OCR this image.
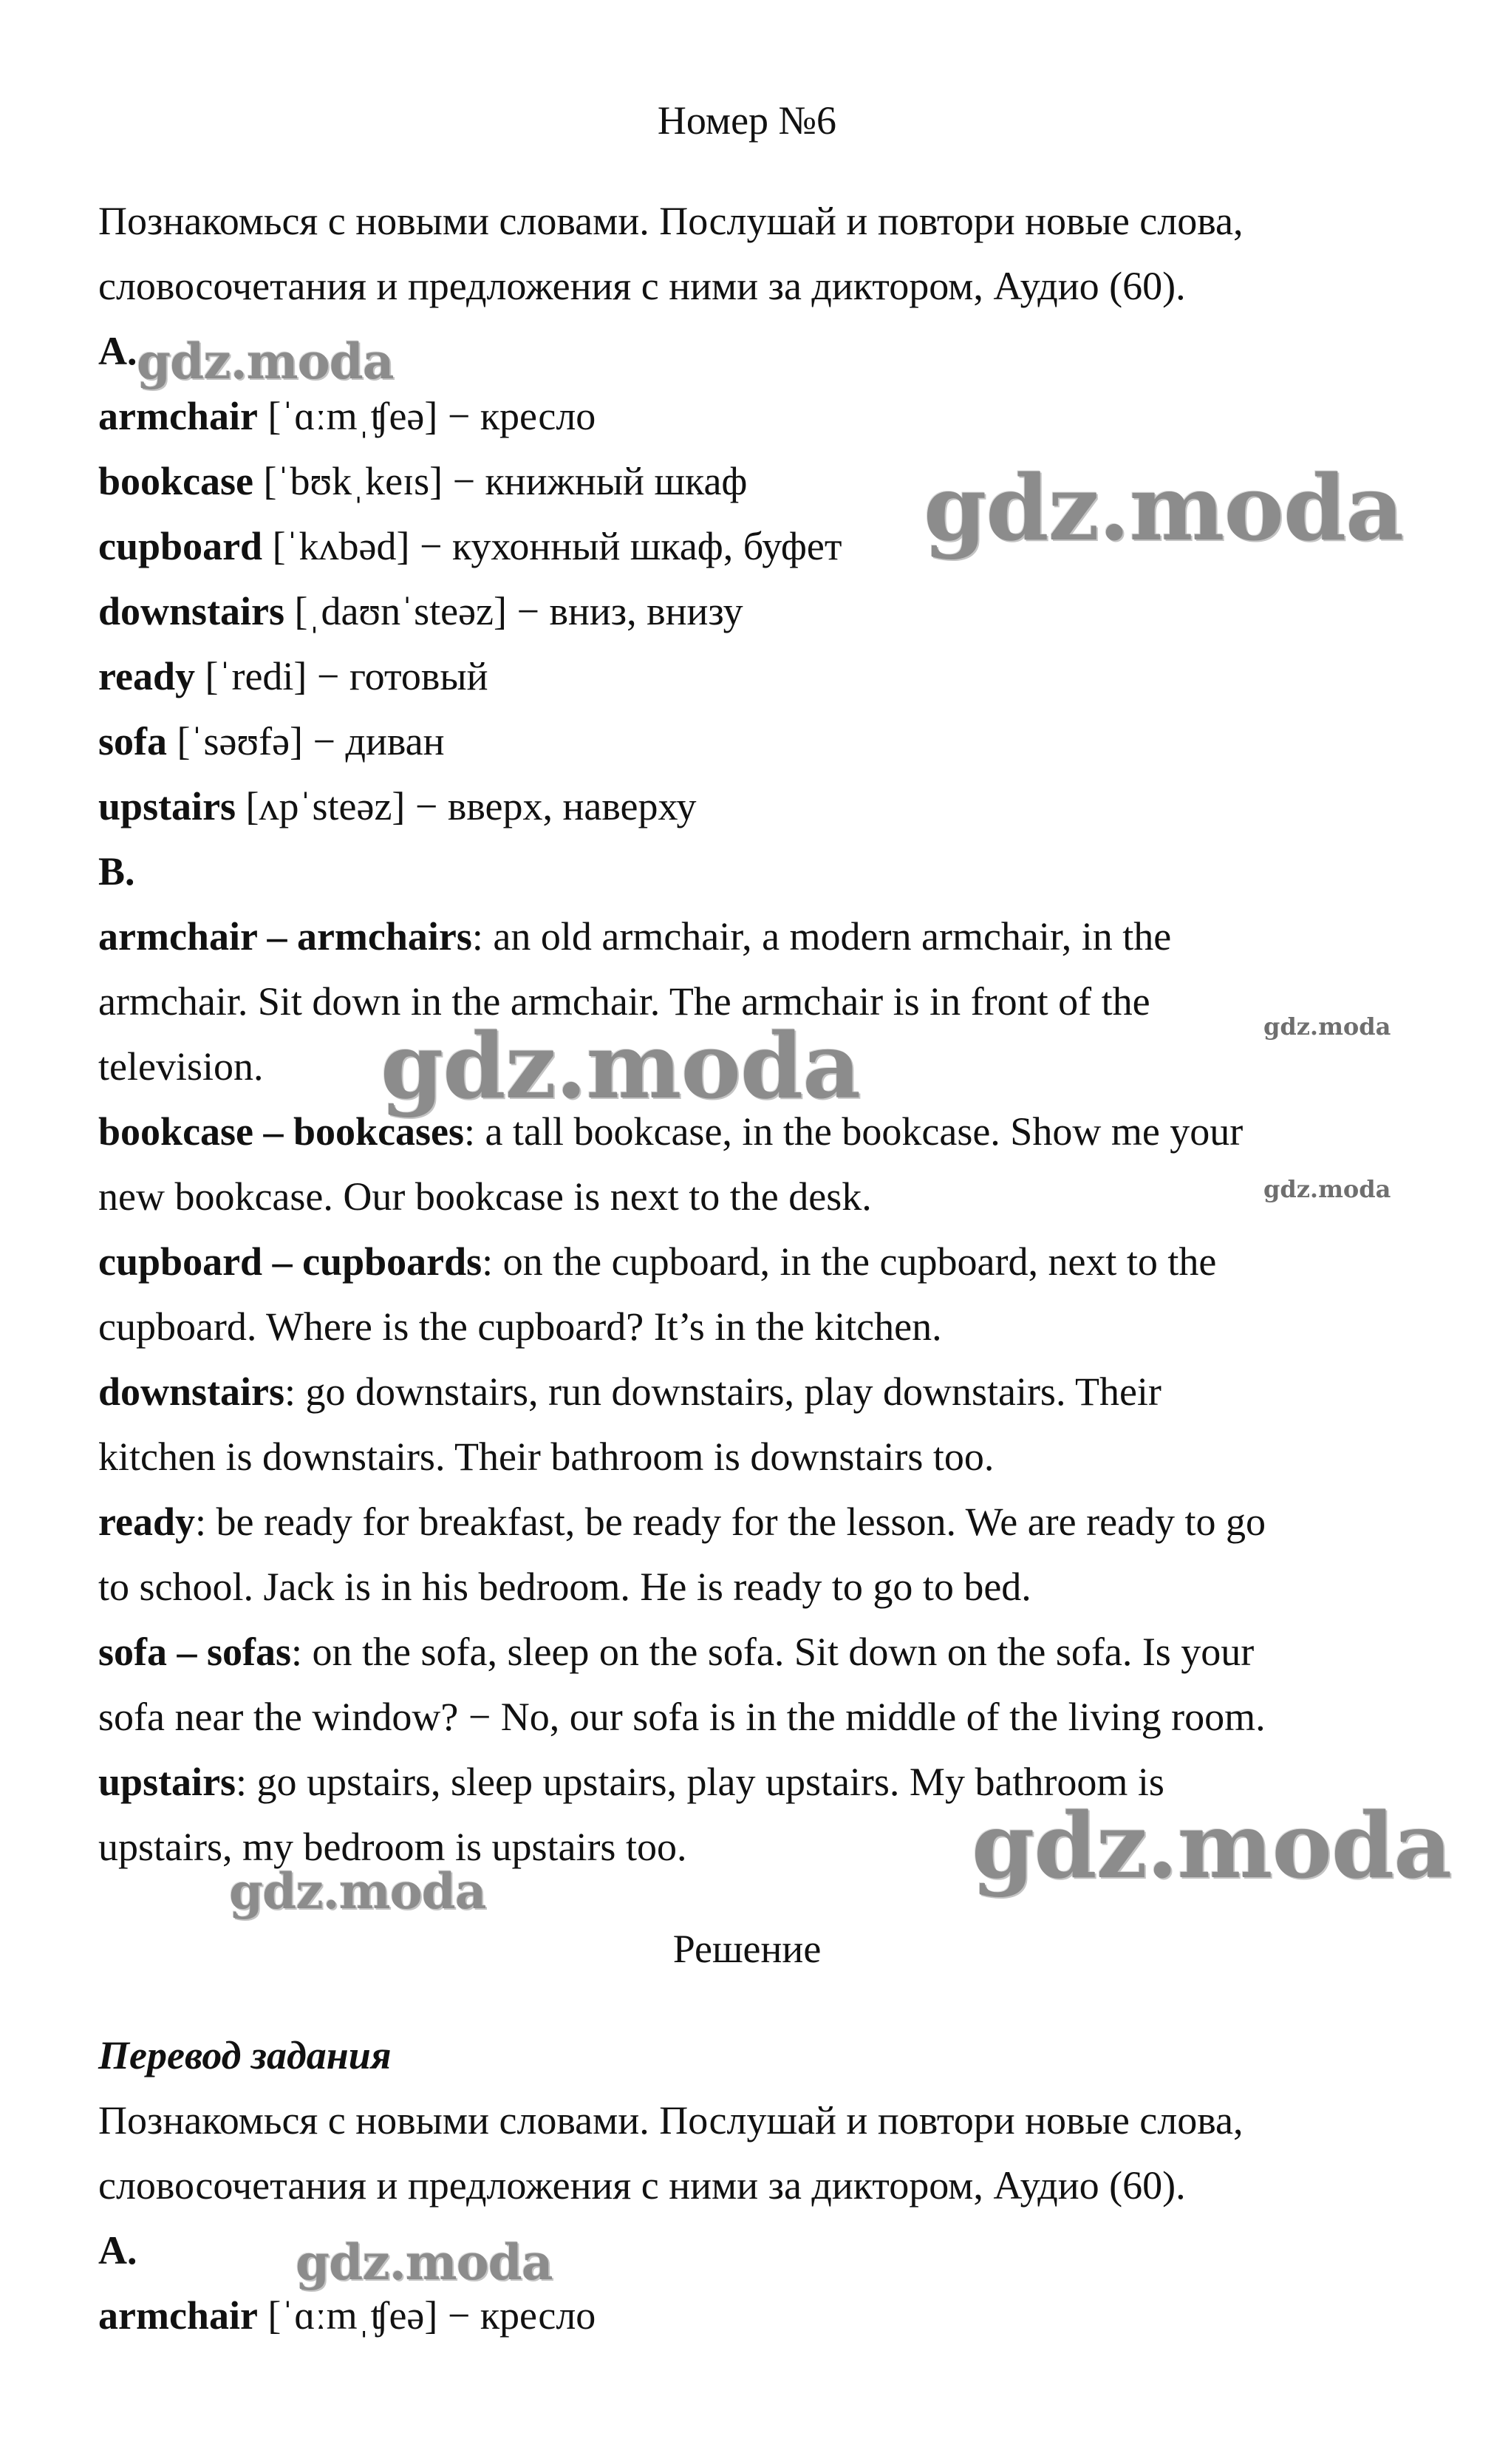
Номер №6
Познакомься с новыми словами. Послушай и повтори новые слова,
словосочетания и предложения с ними за диктором, Аудио (60).
A.
armchair [ˈɑːmˌʧeə] − кресло
bookcase [ˈbʊkˌkeɪs] − книжный шкаф
cupboard [ˈkʌbəd] − кухонный шкаф, буфет
downstairs [ˌdaʊnˈsteəz] − вниз, внизу
ready [ˈredi] − готовый
sofa [ˈsəʊfə] − диван
upstairs [ʌpˈsteəz] − вверх, наверху
B.
armchair – armchairs: an old armchair, a modern armchair, in the
armchair. Sit down in the armchair. The armchair is in front of the
television.
bookcase – bookcases: a tall bookcase, in the bookcase. Show me your
new bookcase. Our bookcase is next to the desk.
cupboard – cupboards: on the cupboard, in the cupboard, next to the
cupboard. Where is the cupboard? It’s in the kitchen.
downstairs: go downstairs, run downstairs, play downstairs. Their
kitchen is downstairs. Their bathroom is downstairs too.
ready: be ready for breakfast, be ready for the lesson. We are ready to go
to school. Jack is in his bedroom. He is ready to go to bed.
sofa – sofas: on the sofa, sleep on the sofa. Sit down on the sofa. Is your
sofa near the window? − No, our sofa is in the middle of the living room.
upstairs: go upstairs, sleep upstairs, play upstairs. My bathroom is
upstairs, my bedroom is upstairs too.
Решение
Перевод задания
Познакомься с новыми словами. Послушай и повтори новые слова,
словосочетания и предложения с ними за диктором, Аудио (60).
A.
armchair [ˈɑːmˌʧeə] − кресло
gdz.moda
gdz.moda
gdz.moda	gdz.moda
gdz.moda
gdz.moda
gdz.moda
gdz.moda
